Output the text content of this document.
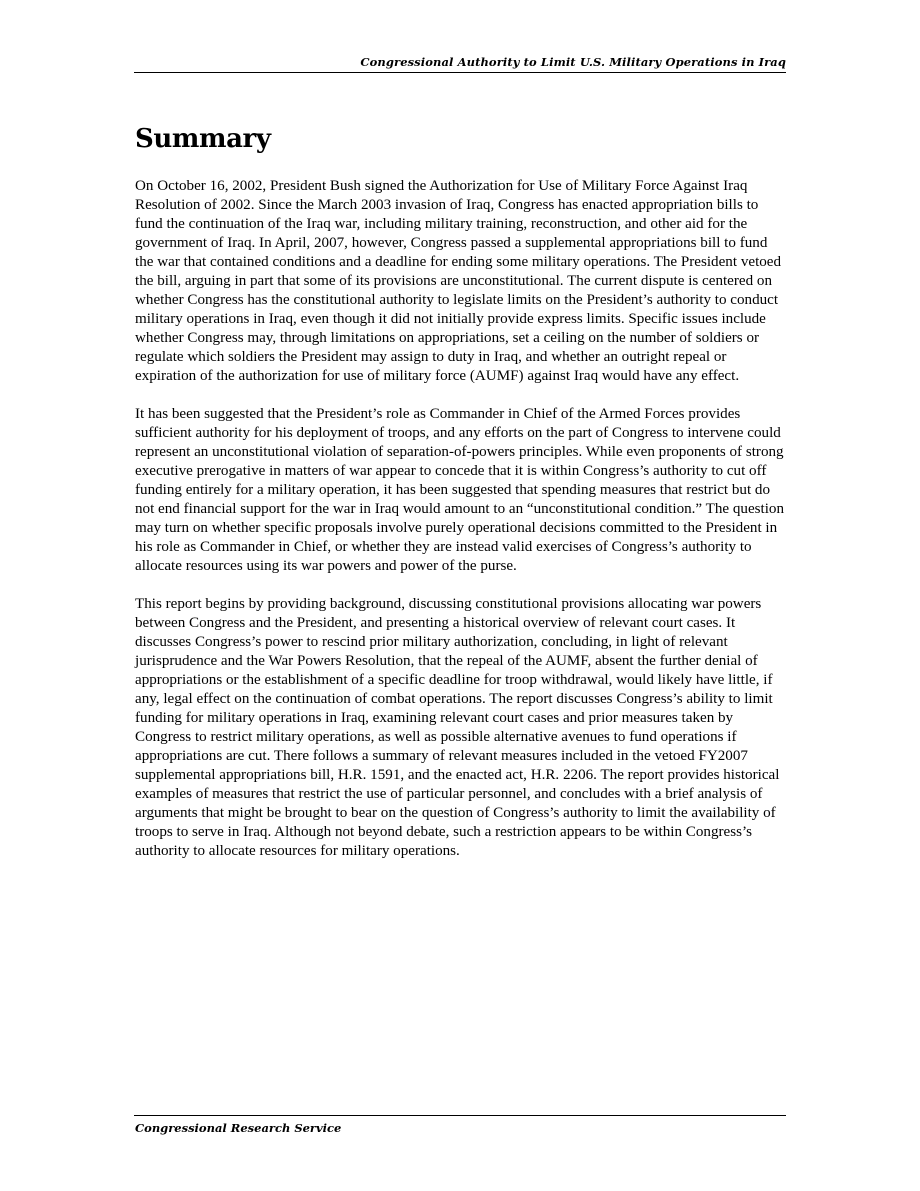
Congressional Authority to Limit U.S. Military Operations in Iraq
Summary

On October 16, 2002, President Bush signed the Authorization for Use of Military Force Against Iraq Resolution of 2002. Since the March 2003 invasion of Iraq, Congress has enacted appropriation bills to fund the continuation of the Iraq war, including military training, reconstruction, and other aid for the government of Iraq. In April, 2007, however, Congress passed a supplemental appropriations bill to fund the war that contained conditions and a deadline for ending some military operations. The President vetoed the bill, arguing in part that some of its provisions are unconstitutional. The current dispute is centered on whether Congress has the constitutional authority to legislate limits on the President’s authority to conduct military operations in Iraq, even though it did not initially provide express limits. Specific issues include whether Congress may, through limitations on appropriations, set a ceiling on the number of soldiers or regulate which soldiers the President may assign to duty in Iraq, and whether an outright repeal or expiration of the authorization for use of military force (AUMF) against Iraq would have any effect.

It has been suggested that the President’s role as Commander in Chief of the Armed Forces provides sufficient authority for his deployment of troops, and any efforts on the part of Congress to intervene could represent an unconstitutional violation of separation-of-powers principles. While even proponents of strong executive prerogative in matters of war appear to concede that it is within Congress’s authority to cut off funding entirely for a military operation, it has been suggested that spending measures that restrict but do not end financial support for the war in Iraq would amount to an “unconstitutional condition.” The question may turn on whether specific proposals involve purely operational decisions committed to the President in his role as Commander in Chief, or whether they are instead valid exercises of Congress’s authority to allocate resources using its war powers and power of the purse.

This report begins by providing background, discussing constitutional provisions allocating war powers between Congress and the President, and presenting a historical overview of relevant court cases. It discusses Congress’s power to rescind prior military authorization, concluding, in light of relevant jurisprudence and the War Powers Resolution, that the repeal of the AUMF, absent the further denial of appropriations or the establishment of a specific deadline for troop withdrawal, would likely have little, if any, legal effect on the continuation of combat operations. The report discusses Congress’s ability to limit funding for military operations in Iraq, examining relevant court cases and prior measures taken by Congress to restrict military operations, as well as possible alternative avenues to fund operations if appropriations are cut. There follows a summary of relevant measures included in the vetoed FY2007 supplemental appropriations bill, H.R. 1591, and the enacted act, H.R. 2206. The report provides historical examples of measures that restrict the use of particular personnel, and concludes with a brief analysis of arguments that might be brought to bear on the question of Congress’s authority to limit the availability of troops to serve in Iraq. Although not beyond debate, such a restriction appears to be within Congress’s authority to allocate resources for military operations.

Congressional Research Service
